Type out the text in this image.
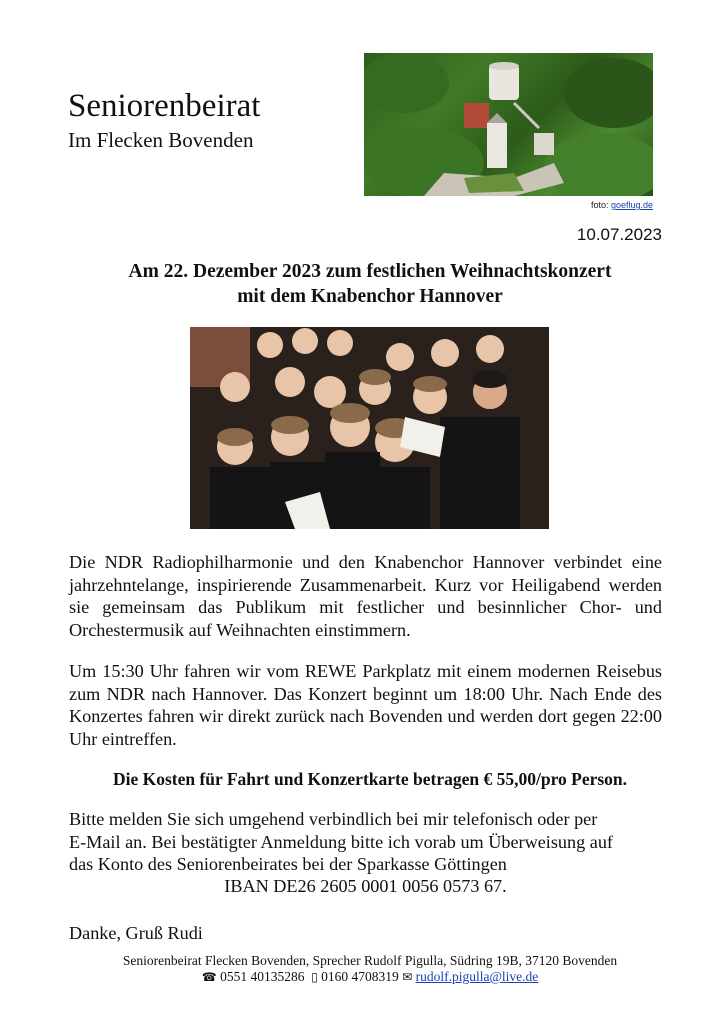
Seniorenbeirat
Im Flecken Bovenden
foto: goeflug.de
10.07.2023
Am 22. Dezember 2023 zum festlichen Weihnachtskonzert
mit dem Knabenchor Hannover
Die NDR Radiophilharmonie und den Knabenchor Hannover verbindet eine jahrzehntelange, inspirierende Zusammenarbeit. Kurz vor Heiligabend werden sie gemeinsam das Publikum mit festlicher und besinnlicher Chor- und Orchestermusik auf Weihnachten einstimmern.
Um 15:30 Uhr fahren wir vom REWE Parkplatz mit einem modernen Reisebus zum NDR nach Hannover. Das Konzert beginnt um 18:00 Uhr. Nach Ende des Konzertes fahren wir direkt zurück nach Bovenden und werden dort gegen 22:00 Uhr eintreffen.
Die Kosten für Fahrt und Konzertkarte betragen € 55,00/pro Person.
Bitte melden Sie sich umgehend verbindlich bei mir telefonisch oder per
E-Mail an. Bei bestätigter Anmeldung bitte ich vorab um Überweisung auf
das Konto des Seniorenbeirates bei der Sparkasse Göttingen
IBAN DE26 2605 0001 0056 0573 67.
Danke, Gruß Rudi
Seniorenbeirat Flecken Bovenden, Sprecher Rudolf Pigulla, Südring 19B, 37120 Bovenden
☎ 0551 40135286 ▯ 0160 4708319 ✉ rudolf.pigulla@live.de
